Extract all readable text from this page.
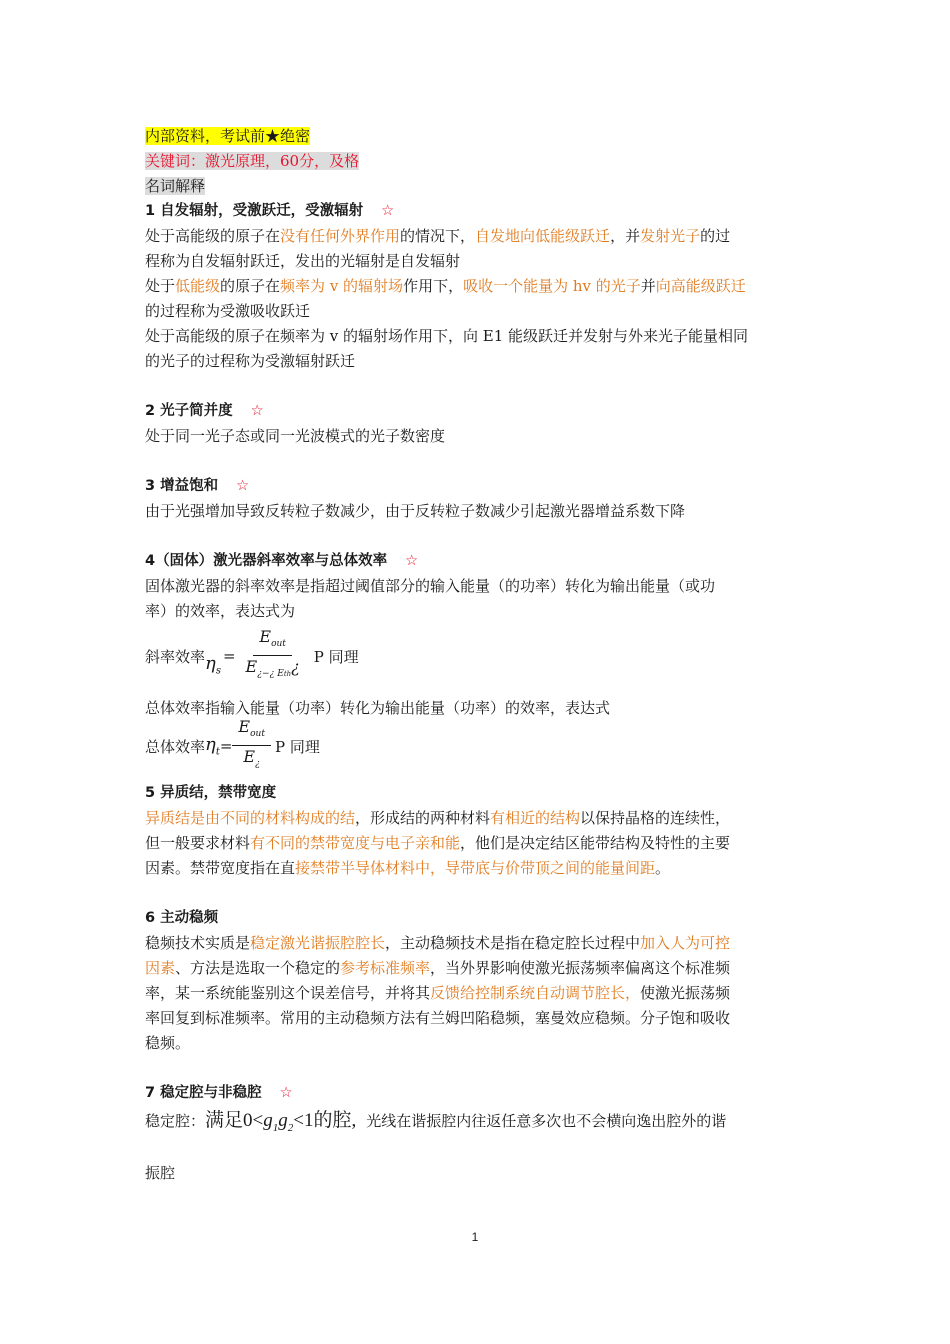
内部资料，考试前★绝密
关键词：激光原理，60分，及格
名词解释
1 自发辐射，受激跃迁，受激辐射 ☆
处于高能级的原子在没有任何外界作用的情况下，自发地向低能级跃迁，并发射光子的过
程称为自发辐射跃迁，发出的光辐射是自发辐射
处于低能级的原子在频率为 v 的辐射场作用下，吸收一个能量为 hv 的光子并向高能级跃迁
的过程称为受激吸收跃迁
处于高能级的原子在频率为 v 的辐射场作用下，向 E1 能级跃迁并发射与外来光子能量相同
的光子的过程称为受激辐射跃迁
2 光子简并度 ☆
处于同一光子态或同一光波模式的光子数密度
3 增益饱和 ☆
由于光强增加导致反转粒子数减少，由于反转粒子数减少引起激光器增益系数下降
4（固体）激光器斜率效率与总体效率 ☆
固体激光器的斜率效率是指超过阈值部分的输入能量（的功率）转化为输出能量（或功
率）的效率，表达式为
斜率效率 $\eta_s$
= $\frac{E_{out}}{E_{¿-¿ Eth}¿}$ P 同理
总体效率指输入能量（功率）转化为输出能量（功率）的效率，表达式
总体效率 $\eta_t = \frac{E_{out}}{E_¿}$ P 同理
5 异质结，禁带宽度
异质结是由不同的材料构成的结，形成结的两种材料有相近的结构以保持晶格的连续性，
但一般要求材料有不同的禁带宽度与电子亲和能，他们是决定结区能带结构及特性的主要
因素。禁带宽度指在直接禁带半导体材料中，导带底与价带顶之间的能量间距。
6 主动稳频
稳频技术实质是稳定激光谐振腔腔长，主动稳频技术是指在稳定腔长过程中加入人为可控
因素、方法是选取一个稳定的参考标准频率，当外界影响使激光振荡频率偏离这个标准频
率，某一系统能鉴别这个误差信号，并将其反馈给控制系统自动调节腔长，使激光振荡频
率回复到标准频率。常用的主动稳频方法有兰姆凹陷稳频，塞曼效应稳频。分子饱和吸收
稳频。
7 稳定腔与非稳腔 ☆
稳定腔：满足$0<g_1g_2<1$的腔, 光线在谐振腔内往返任意多次也不会横向逸出腔外的谐
振腔
1
